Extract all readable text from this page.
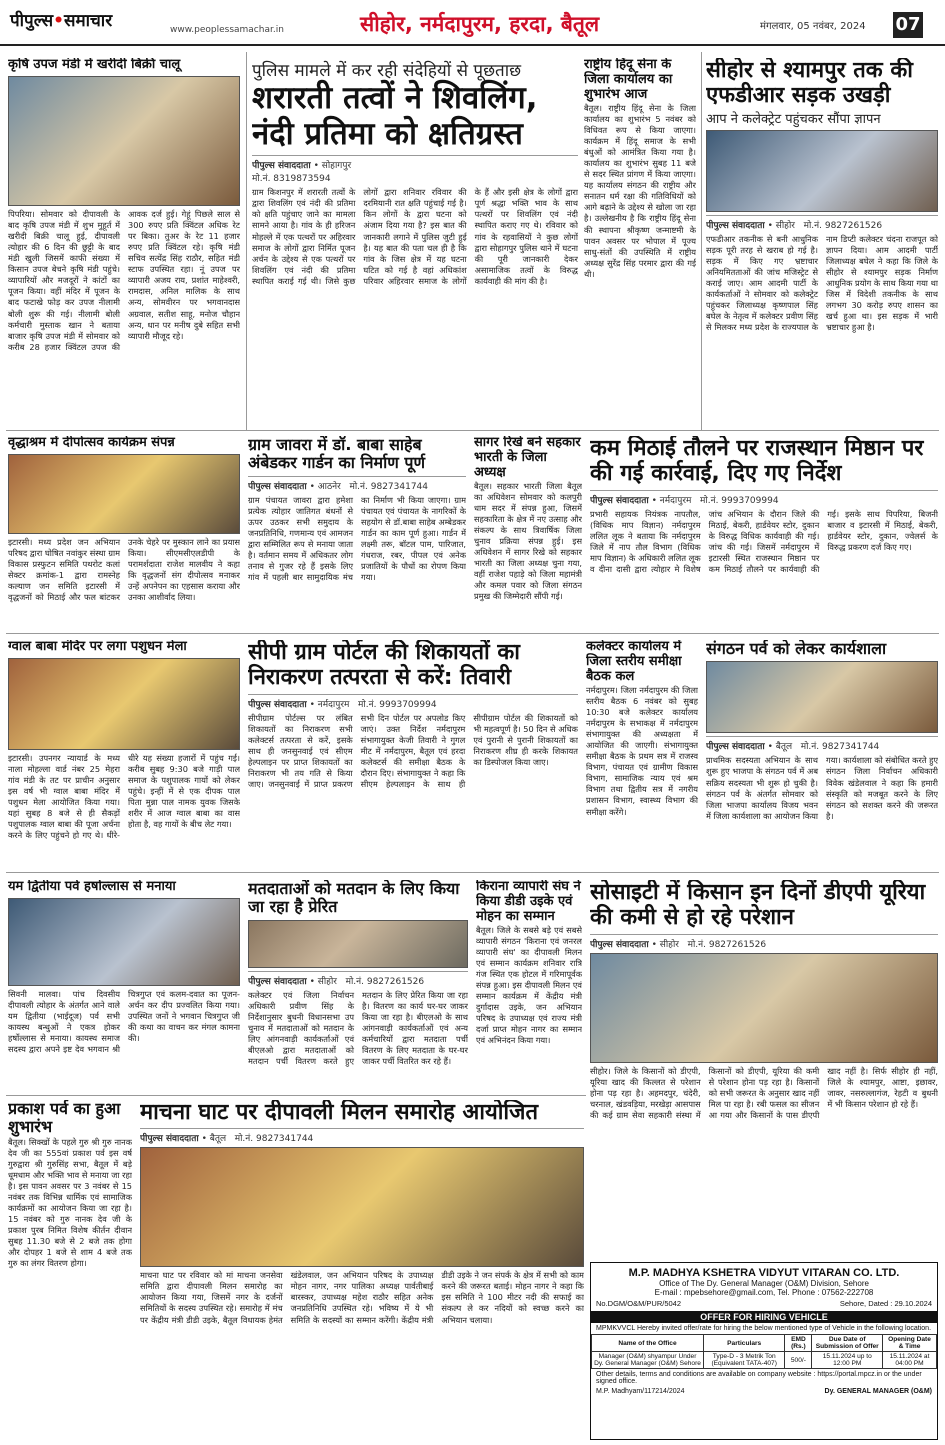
पीपुल्स•समाचार	www.peoplessamachar.in	सीहोर, नर्मदापुरम, हरदा, बैतूल	मंगलवार, 05 नवंबर, 2024 07
कृषि उपज मंडी में खरीदी बिक्री चालू
पिपरिया। सोमवार को दीपावली के बाद कृषि उपज मंडी में शुभ मुहूर्त में खरीदी बिक्री चालू हुई, दीपावली त्योहार की 6 दिन की छुट्टी के बाद मंडी खुली जिसमें काफी संख्या में किसान उपज बेचने कृषि मंडी पहुंचे। व्यापारियों और मजदूरों ने कांटों का पूजन किया। वहीं मंदिर में पूजन के बाद फटाखे फोड़ कर उपज नीलामी बोली शुरू की गई। नीलामी बोली कर्मचारी मुस्ताक खान ने बताया बाजार कृषि उपज मंडी में सोमवार को करीब 28 हजार क्विंटल उपज की आवक दर्ज हुई। गेहूं पिछले साल से 300 रुपए प्रति क्विंटल अधिक रेट पर बिका। तुअर के रेट 11 हजार रुपए प्रति क्विंटल रहे। कृषि मंडी सचिव सत्येंद्र सिंह राठौर, सहित मंडी स्टाफ उपस्थित रहा। नूं उपज पर व्यापारी अजय राय, प्रशांत माहेश्वरी, रामदास, अनिल मालिक के साथ अन्य, सोमवीरन पर भगवानदास अग्रवाल, सतीश साहू, मनोज चौहान अन्य, धान पर मनीष दुबे सहित सभी व्यापारी मौजूद रहे।
पुलिस मामले में कर रही संदेहियों से पूछताछ
शरारती तत्वों ने शिवलिंग, नंदी प्रतिमा को क्षतिग्रस्त
पीपुल्स संवाददाता • सोहागपुर
मो.नं. 8319873594
ग्राम किशनपुर में शरारती तत्वों के द्वारा शिवलिंग एवं नंदी की प्रतिमा को क्षति पहुंचाए जाने का मामला सामने आया है। गांव के ही हरिजन मोहल्ले में एक पत्थरों पर अहिरवार समाज के लोगों द्वारा निर्मित पूजन अर्चन के उद्देश्य से एक पत्थरों पर शिवलिंग एवं नंदी की प्रतिमा स्थापित कराई गई थी। जिसे कुछ लोगों द्वारा शनिवार रविवार की दरमियानी रात क्षति पहुंचाई गई है। किन लोगों के द्वारा घटना को अंजाम दिया गया है? इस बात की जानकारी लगाने में पुलिस जुटी हुई है। यह बात की पता चल ही है कि गांव के जिस क्षेत्र में यह घटना घटित को गई है वहां अधिकांश परिवार अहिरवार समाज के लोगों के हैं और इसी क्षेत्र के लोगों द्वारा पूर्ण श्रद्धा भक्ति भाव के साथ पत्थरों पर शिवलिंग एवं नंदी स्थापित कराए गए थे। रविवार को गांव के रहवासियों ने कुछ लोगों द्वारा सोहागपुर पुलिस थाने में घटना की पूरी जानकारी देकर असामाजिक तत्वों के विरुद्ध कार्यवाही की मांग की है।
राष्ट्रीय हिंदू सेना के जिला कार्यालय का शुभारंभ आज
बैतूल। राष्ट्रीय हिंदू सेना के जिला कार्यालय का शुभारंभ 5 नवंबर को विधिवत रूप से किया जाएगा। कार्यक्रम में हिंदू समाज के सभी बंधुओं को आमंत्रित किया गया है। कार्यालय का शुभारंभ सुबह 11 बजे से सदर स्थित प्रांगण में किया जाएगा। यह कार्यालय संगठन की राष्ट्रीय और सनातन धर्म रक्षा की गतिविधियों को आगे बढ़ाने के उद्देश्य से खोला जा रहा है। उल्लेखनीय है कि राष्ट्रीय हिंदू सेना की स्थापना श्रीकृष्ण जन्माष्टमी के पावन अवसर पर भोपाल में पूज्य साधु-संतों की उपस्थिति में राष्ट्रीय अध्यक्ष सुरेंद्र सिंह परमार द्वारा की गई थी।
सीहोर से श्यामपुर तक की एफडीआर सड़क उखड़ी
आप ने कलेक्ट्रेट पहुंचकर सौंपा ज्ञापन
पीपुल्स संवाददाता • सीहोर मो.नं. 9827261526
एफडीआर तकनीक से बनी आधुनिक सड़क पूरी तरह से खराब हो गई है। सड़क में किए गए भ्रष्टाचार अनियमितताओं की जांच मजिस्ट्रेट से कराई जाए। आम आदमी पार्टी के कार्यकर्ताओं ने सोमवार को कलेक्ट्रेट पहुंचकर जिलाध्यक्ष कृष्णपाल सिंह बघेल के नेतृत्व में कलेक्टर प्रवीण सिंह से मिलकर मध्य प्रदेश के राज्यपाल के नाम डिप्टी कलेक्टर चंदना राजपूत को ज्ञापन दिया। आम आदमी पार्टी जिलाध्यक्ष बघेल ने कहा कि जिले के सीहोर से श्यामपुर सड़क निर्माण आधुनिक प्रयोग के साथ किया गया था जिस में विदेशी तकनीक के साथ लगभग 30 करोड़ रुपए शासन का खर्च हुआ था। इस सड़क में भारी भ्रष्टाचार हुआ है।
वृद्धाश्रम में दीपोत्सव कार्यक्रम संपन्न
इटारसी। मध्य प्रदेश जन अभियान परिषद द्वारा घोषित नवांकुर संस्था ग्राम विकास प्रस्फुटन समिति पथरोट कलां सेक्टर क्रमांक-1 द्वारा रामस्नेह कल्याण जन समिति इटारसी में वृद्धजनों को मिठाई और फल बांटकर उनके चेहरे पर मुस्कान लाने का प्रयास किया। सीएमसीएलडीपी के परामर्शदाता राजेश मालवीय ने कहा कि वृद्धजनों संग दीपोत्सव मनाकर उन्हें अपनेपन का एहसास कराया और उनका आशीर्वाद लिया।
ग्राम जावरा में डॉ. बाबा साहेब अंबेडकर गार्डन का निर्माण पूर्ण
पीपुल्स संवाददाता • आठनेर मो.नं. 9827341744
ग्राम पंचायत जावरा द्वारा हमेशा प्रत्येक त्योहार जातिगत बंधनों से ऊपर उठकर सभी समुदाय के जनप्रतिनिधि, गणमान्य एवं आमजन द्वारा सम्मिलित रूप से मनाया जाता है। वर्तमान समय में अधिकतर लोग तनाव से गुजर रहे हैं इसके लिए गांव में पहली बार सामुदायिक मंच का निर्माण भी किया जाएगा। ग्राम पंचायत एवं पंचायत के नागरिकों के सहयोग से डॉ.बाबा साहेब अम्बेडकर गार्डन का काम पूर्ण हुआ। गार्डन में लक्ष्मी तरू, बॉटल पाम, पारिजात, गंधराज, रबर, पीपल एवं अनेक प्रजातियों के पौधों का रोपण किया गया।
सागर रिखे बने सहकार भारती के जिला अध्यक्ष
बैतूल। सहकार भारती जिला बैतूल का अधिवेशन सोमवार को कलपुरी धाम सदर में संपन्न हुआ, जिसमें सहकारिता के क्षेत्र में नए उत्साह और संकल्प के साथ त्रिवार्षिक जिला चुनाव प्रक्रिया संपन्न हुई। इस अधिवेशन में सागर रिखे को सहकार भारती का जिला अध्यक्ष चुना गया, वहीं राजेश पहाड़े को जिला महामंत्री और कमल पवार को जिला संगठन प्रमुख की जिम्मेदारी सौंपी गई।
कम मिठाई तौलने पर राजस्थान मिष्ठान पर की गई कार्रवाई, दिए गए निर्देश
पीपुल्स संवाददाता • नर्मदापुरम मो.नं. 9993709994
प्रभारी सहायक नियंत्रक नापतौल, (विधिक माप विज्ञान) नर्मदापुरम ललित लूक ने बताया कि नर्मदापुरम जिले में नाप तौल विभाग (विधिक माप विज्ञान) के अधिकारी ललित लूक व दीना दासी द्वारा त्योहार मे विशेष जांच अभियान के दौरान जिले की मिठाई, बेकरी, हार्डवेयर स्टोर, दुकान के विरुद्ध विधिक कार्यवाही की गई। जांच की गई। जिसमें नर्मदापुरम में इटारसी स्थित राजस्थान मिष्ठान पर कम मिठाई तौलने पर कार्यवाही की गई। इसके साथ पिपरिया, बिजनी बाजार व इटारसी में मिठाई, बेकरी, हार्डवेयर स्टोर, दुकान, ज्वेलर्स के विरुद्ध प्रकरण दर्ज किए गए।
ग्वाल बाबा मंदिर पर लगा पशुधन मेला
इटारसी। उपनगर न्यायार्ड के मध्य नाला मोहल्ला वार्ड नंबर 25 मेहरा गांव मंडी के तट पर प्राचीन अनुसार इस वर्ष भी ग्वाल बाबा मंदिर में पशुधन मेला आयोजित किया गया। यहां सुबह 8 बजे से ही सैकड़ों पशुपालक ग्वाल बाबा की पूजा अर्चना करने के लिए पहुंचने हो गए थे। धीरे-धीरे यह संख्या हजारों में पहुंच गई। करीब सुबह 9:30 बजे गाड़ी पाल समाज के पशुपालक गायों को लेकर पहुंचे। इन्हीं में से एक दीपक पाल पिता मुन्ना पाल नामक युवक जिसके शरीर में आज ग्वाल बाबा का वास होता है, वह गायों के बीच लेट गया।
सीपी ग्राम पोर्टल की शिकायतों का निराकरण तत्परता से करें: तिवारी
पीपुल्स संवाददाता • नर्मदापुरम मो.नं. 9993709994
सीपीग्राम पोर्टल्स पर लंबित शिकायतों का निराकरण सभी कलेक्टर्स तत्परता से करें, इसके साथ ही जनसुनवाई एवं सीएम हेल्पलाइन पर प्राप्त शिकायतों का निराकरण भी तय गति से किया जाए। जनसुनवाई में प्राप्त प्रकरण सभी दिन पोर्टल पर अपलोड किए जाएं। उक्त निर्देश नर्मदापुरम संभागायुक्त केजी तिवारी ने गुगल मीट में नर्मदापुरम, बैतूल एवं हरदा कलेक्टर्स की समीक्षा बैठक के दौरान दिए। संभागायुक्त ने कहा कि सीएम हेल्पलाइन के साथ ही सीपीग्राम पोर्टल की शिकायतों को भी महत्वपूर्ण है। 50 दिन से अधिक एवं पुरानी से पुरानी शिकायतों का निराकरण शीघ्र ही करके शिकायत का डिस्पोजल किया जाए।
कलेक्टर कार्यालय में जिला स्तरीय समीक्षा बैठक कल
नर्मदापुरम। जिला नर्मदापुरम की जिला स्तरीय बैठक 6 नवंबर को सुबह 10:30 बजे कलेक्टर कार्यालय नर्मदापुरम के सभाकक्ष में नर्मदापुरम संभागायुक्त की अध्यक्षता में आयोजित की जाएगी। संभागायुक्त समीक्षा बैठक के प्रथम सत्र में राजस्व विभाग, पंचायत एवं ग्रामीण विकास विभाग, सामाजिक न्याय एवं श्रम विभाग तथा द्वितीय सत्र में नगरीय प्रशासन विभाग, स्वास्थ्य विभाग की समीक्षा करेंगे।
संगठन पर्व को लेकर कार्यशाला
पीपुल्स संवाददाता • बैतूल मो.नं. 9827341744
प्राथमिक सदस्यता अभियान के साथ शुरू हुए भाजपा के संगठन पर्व में अब सक्रिय सदस्यता भी शुरू हो चुकी है। संगठन पर्व के अंतर्गत सोमवार को जिला भाजपा कार्यालय विजय भवन में जिला कार्यशाला का आयोजन किया गया। कार्यशाला को संबोधित करते हुए संगठन जिला निर्वाचन अधिकारी विवेक खंडेलवाल ने कहा कि हमारी संस्कृति को मजबूत करने के लिए संगठन को सशक्त करने की जरूरत है।
यम द्वितीया पर्व हर्षोल्लास से मनाया
सिवनी मालवा। पांच दिवसीय दीपावली त्योहार के अंतर्गत आने वाले यम द्वितीया (भाईदूज) पर्व सभी कायस्थ बन्धुओं ने एकत्र होकर हर्षोल्लास से मनाया। कायस्थ समाज सदस्य द्वारा अपने इष्ट देव भगवान श्री चित्रगुप्त एवं कलम-दवात का पूजन-अर्चन कर दीप प्रज्वलित किया गया। उपस्थित जनों ने भगवान चित्रगुप्त जी की कथा का वाचन कर मंगल कामना की।
मतदाताओं को मतदान के लिए किया जा रहा है प्रेरित
पीपुल्स संवाददाता • सीहोर मो.नं. 9827261526
कलेक्टर एवं जिला निर्वाचन अधिकारी प्रवीण सिंह के निर्देशानुसार बुधनी विधानसभा उप चुनाव में मतदाताओं को मतदान के लिए आंगनवाड़ी कार्यकर्ताओं एवं बीएलओ द्वारा मतदाताओं को मतदान पर्ची वितरण करते हुए मतदान के लिए प्रेरित किया जा रहा है। वितरण का कार्य घर-घर जाकर किया जा रहा है। बीएलओ के साथ आंगनवाड़ी कार्यकर्ताओं एवं अन्य कर्मचारियों द्वारा मतदाता पर्ची वितरण के लिए मतदाता के घर-घर जाकर पर्ची वितरित कर रहे हैं।
किराना व्यापारी संघ ने किया डीडी उइके एवं मोहन का सम्मान
बैतूल। जिले के सबसे बड़े एवं सबसे व्यापारी संगठन 'किराना एवं जनरल व्यापारी संघ' का दीपावली मिलन एवं सम्मान कार्यक्रम शनिवार रात्रि गंज स्थित एक होटल में गरिमापूर्वक संपन्न हुआ। इस दीपावली मिलन एवं सम्मान कार्यक्रम में केंद्रीय मंत्री दुर्गादास उइके, जन अभियान परिषद के उपाध्यक्ष एवं राज्य मंत्री दर्जा प्राप्त मोहन नागर का सम्मान एवं अभिनंदन किया गया।
सोसाइटी में किसान इन दिनों डीएपी यूरिया की कमी से हो रहे परेशान
पीपुल्स संवाददाता • सीहोर मो.नं. 9827261526
सीहोर। जिले के किसानों को डीएपी, यूरिया खाद की किल्लत से परेशान होना पड़ रहा है। अहमदपुर, चंदेरी, चरनाल, खंडवड़िया, मरखेड़ा आसपास की कई ग्राम सेवा सहकारी संस्था में किसानों को डीएपी, यूरिया की कमी से परेशान होना पड़ रहा है। किसानों को सभी जरूरत के अनुसार खाद नहीं मिल पा रहा है। रबी फसल का सीजन आ गया और किसानों के पास डीएपी खाद नहीं है। सिर्फ सीहोर ही नहीं, जिले के श्यामपुर, आष्टा, इछावर, जावर, नसरुल्लागंज, रेहटी व बुधनी में भी किसान परेशान हो रहे हैं।
प्रकाश पर्व का हुआ शुभारंभ
बैतूल। सिक्खों के पहले गुरु श्री गुरु नानक देव जी का 555वां प्रकाश पर्व इस वर्ष गुरुद्वारा श्री गुरुसिंह सभा, बैतूल में बड़े धूमधाम और भक्ति भाव से मनाया जा रहा है। इस पावन अवसर पर 3 नवंबर से 15 नवंबर तक विभिन्न धार्मिक एवं सामाजिक कार्यक्रमों का आयोजन किया जा रहा है। 15 नवंबर को गुरु नानक देव जी के प्रकाश पुरब निमित विशेष कीर्तन दीवान सुबह 11.30 बजे से 2 बजे तक होगा और दोपहर 1 बजे से शाम 4 बजे तक गुरु का लंगर वितरण होगा।
माचना घाट पर दीपावली मिलन समारोह आयोजित
पीपुल्स संवाददाता • बैतूल मो.नं. 9827341744
माचना घाट पर रविवार को मां माचना जनसेवा समिति द्वारा दीपावली मिलन समारोह का आयोजन किया गया, जिसमें नगर के दर्जनों समितियों के सदस्य उपस्थित रहे। समारोह में मंच पर केंद्रीय मंत्री डीडी उइके, बैतूल विधायक हेमंत खंडेलवाल, जन अभियान परिषद के उपाध्यक्ष मोहन नागर, नगर पालिका अध्यक्ष पार्वतीबाई बारस्कर, उपाध्यक्ष महेश राठौर सहित अनेक जनप्रतिनिधि उपस्थित रहे। भविष्य में ये भी समिति के सदस्यों का सम्मान करेंगी। केंद्रीय मंत्री डीडी उइके ने जन संपर्क के क्षेत्र में सभी को काम करने की जरूरत बताई। मोहन नागर ने कहा कि इस समिति ने 100 मीटर नदी की सफाई का संकल्प ले कर नदियों को स्वच्छ करने का अभियान चलाया।
M.P. MADHYA KSHETRA VIDYUT VITARAN CO. LTD.
Office of The Dy. General Manager (O&M) Division, Sehore
E-mail : mpebsehore@gmail.com, Tel. Phone : 07562-222708
No.DGM/O&M/PUR/5042	Sehore, Dated : 29.10.2024
OFFER FOR HIRING VEHICLE
MPMKVVCL Hereby invited offer/rate for hiring the below mentioned type of Vehicle in the following location.
Name of the Office	Particulars	EMD (Rs.)	Due Date of Submission of Offer	Opening Date & Time
Manager (O&M) shyampur Under Dy. General Manager (O&M) Sehore	Type-D - 3 Metrik Ton (Equivalent TATA-407)	500/-	15.11.2024 up to 12:00 PM	15.11.2024 at 04:00 PM
Other details, terms and conditions are available on company website : https://portal.mpcz.in or the under signed office.
M.P. Madhyam/117214/2024	Dy. GENERAL MANAGER (O&M)
